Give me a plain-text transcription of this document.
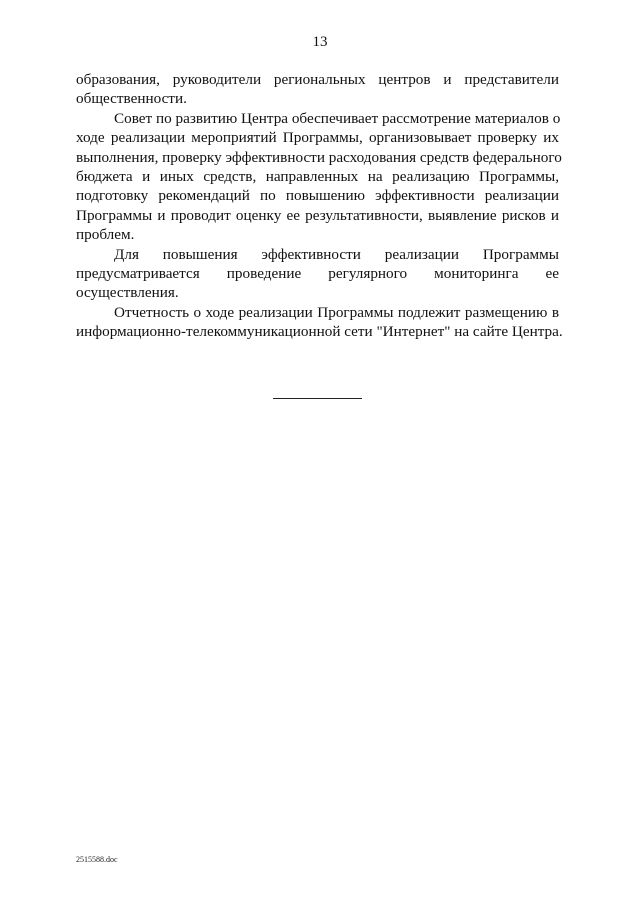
13
образования, руководители региональных центров и представители
общественности.
Совет по развитию Центра обеспечивает рассмотрение материалов о
ходе реализации мероприятий Программы, организовывает проверку их
выполнения, проверку эффективности расходования средств федерального
бюджета и иных средств, направленных на реализацию Программы,
подготовку рекомендаций по повышению эффективности реализации
Программы и проводит оценку ее результативности, выявление рисков и
проблем.
Для повышения эффективности реализации Программы
предусматривается проведение регулярного мониторинга ее
осуществления.
Отчетность о ходе реализации Программы подлежит размещению в
информационно-телекоммуникационной сети "Интернет" на сайте Центра.
2515588.doc
